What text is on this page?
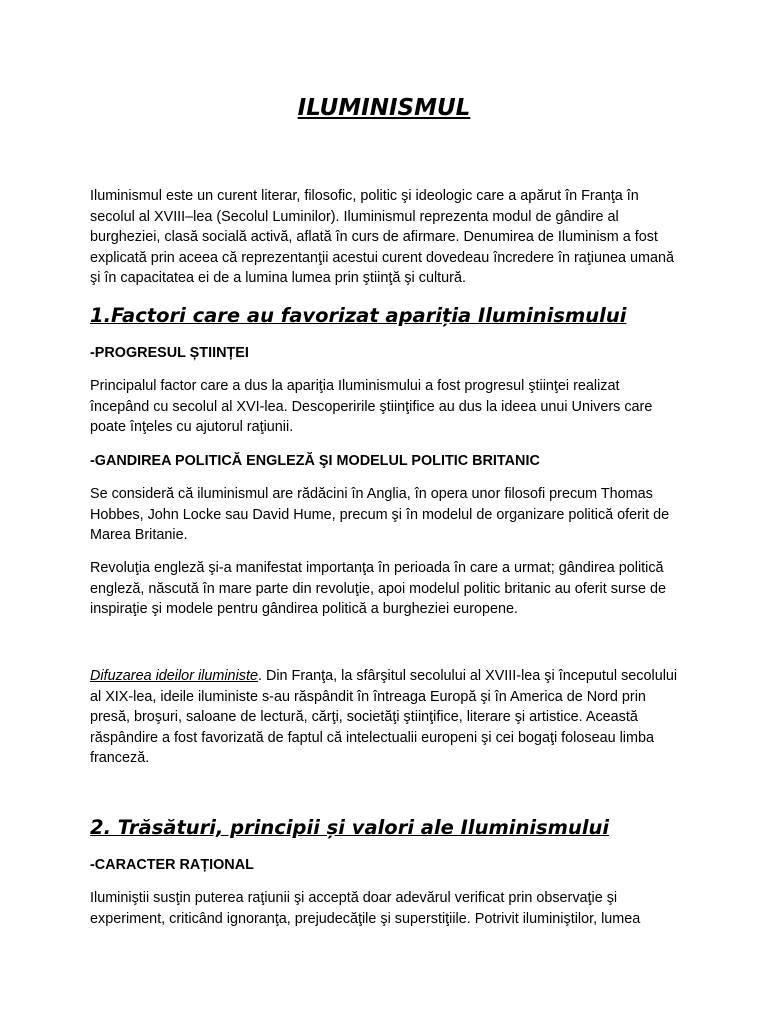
ILUMINISMUL

Iluminismul este un curent literar, filosofic, politic şi ideologic care a apărut în Franţa în secolul al XVIII–lea (Secolul Luminilor). Iluminismul reprezenta modul de gândire al burgheziei, clasă socială activă, aflată în curs de afirmare. Denumirea de Iluminism a fost explicată prin aceea că reprezentanţii acestui curent dovedeau încredere în raţiunea umană şi în capacitatea ei de a lumina lumea prin ştiinţă şi cultură.

1.Factori care au favorizat apariția Iluminismului
-PROGRESUL ȘTIINȚEI

Principalul factor care a dus la apariţia Iluminismului a fost progresul ştiinţei realizat începând cu secolul al XVI-lea. Descoperirile ştiinţifice au dus la ideea unui Univers care poate înţeles cu ajutorul raţiunii.

-GANDIREA POLITICĂ ENGLEZĂ ŞI MODELUL POLITIC BRITANIC

Se consideră că iluminismul are rădăcini în Anglia, în opera unor filosofi precum Thomas Hobbes, John Locke sau David Hume, precum şi în modelul de organizare politică oferit de Marea Britanie.

Revoluţia engleză şi-a manifestat importanţa în perioada în care a urmat; gândirea politică engleză, născută în mare parte din revoluţie, apoi modelul politic britanic au oferit surse de inspiraţie şi modele pentru gândirea politică a burgheziei europene.

Difuzarea ideilor iluministe. Din Franţa, la sfârşitul secolului al XVIII-lea şi începutul secolului al XIX-lea, ideile iluministe s-au răspândit în întreaga Europă şi în America de Nord prin presă, broşuri, saloane de lectură, cărţi, societăţi ştiinţifice, literare şi artistice. Această răspândire a fost favorizată de faptul că intelectualii europeni şi cei bogaţi foloseau limba franceză.

2. Trăsături, principii și valori ale Iluminismului
-CARACTER RAȚIONAL

Iluminiştii susţin puterea raţiunii şi acceptă doar adevărul verificat prin observaţie şi experiment, criticând ignoranţa, prejudecăţile şi superstiţiile. Potrivit iluminiştilor, lumea
